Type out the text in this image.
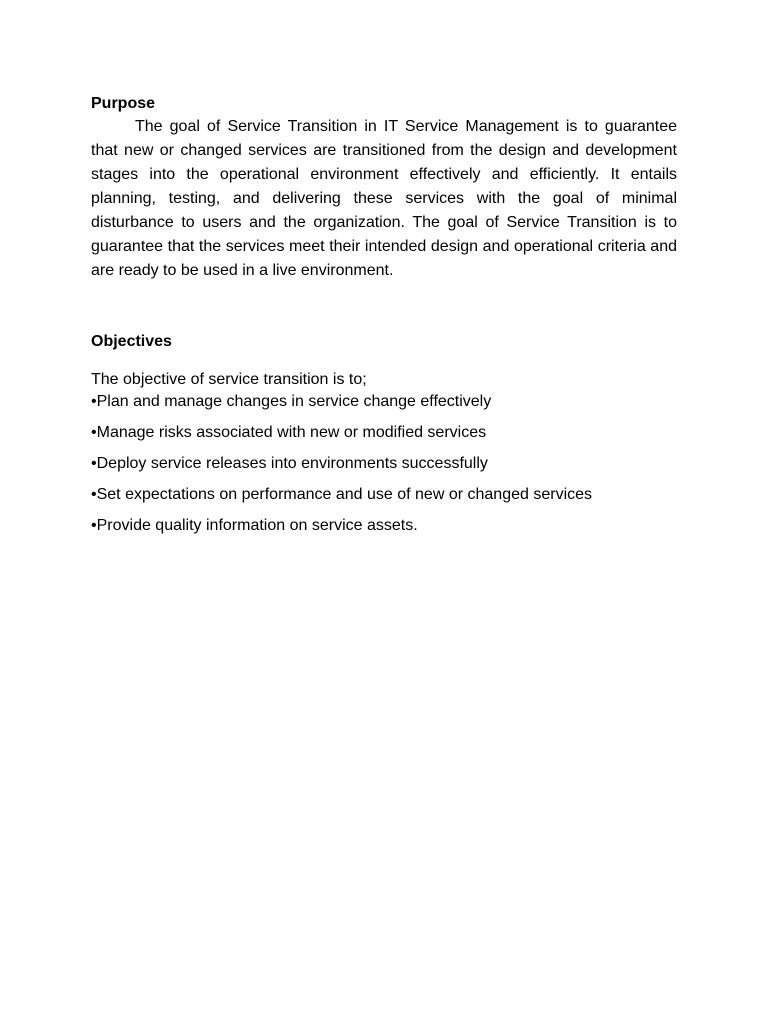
Purpose

The goal of Service Transition in IT Service Management is to guarantee that new or changed services are transitioned from the design and development stages into the operational environment effectively and efficiently. It entails planning, testing, and delivering these services with the goal of minimal disturbance to users and the organization. The goal of Service Transition is to guarantee that the services meet their intended design and operational criteria and are ready to be used in a live environment.

Objectives

The objective of service transition is to;

•Plan and manage changes in service change effectively
•Manage risks associated with new or modified services
•Deploy service releases into environments successfully
•Set expectations on performance and use of new or changed services
•Provide quality information on service assets.
